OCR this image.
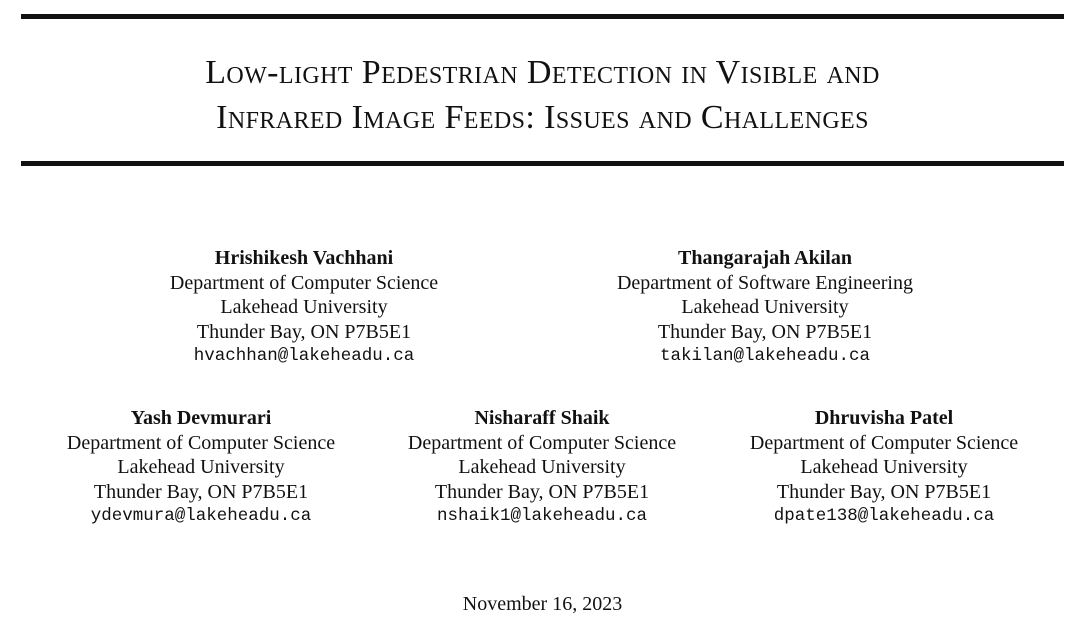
Low-light Pedestrian Detection in Visible and
Infrared Image Feeds: Issues and Challenges
Hrishikesh Vachhani
Department of Computer Science
Lakehead University
Thunder Bay, ON P7B5E1
hvachhan@lakeheadu.ca
Thangarajah Akilan
Department of Software Engineering
Lakehead University
Thunder Bay, ON P7B5E1
takilan@lakeheadu.ca
Yash Devmurari
Department of Computer Science
Lakehead University
Thunder Bay, ON P7B5E1
ydevmura@lakeheadu.ca
Nisharaff Shaik
Department of Computer Science
Lakehead University
Thunder Bay, ON P7B5E1
nshaik1@lakeheadu.ca
Dhruvisha Patel
Department of Computer Science
Lakehead University
Thunder Bay, ON P7B5E1
dpate138@lakeheadu.ca
November 16, 2023
